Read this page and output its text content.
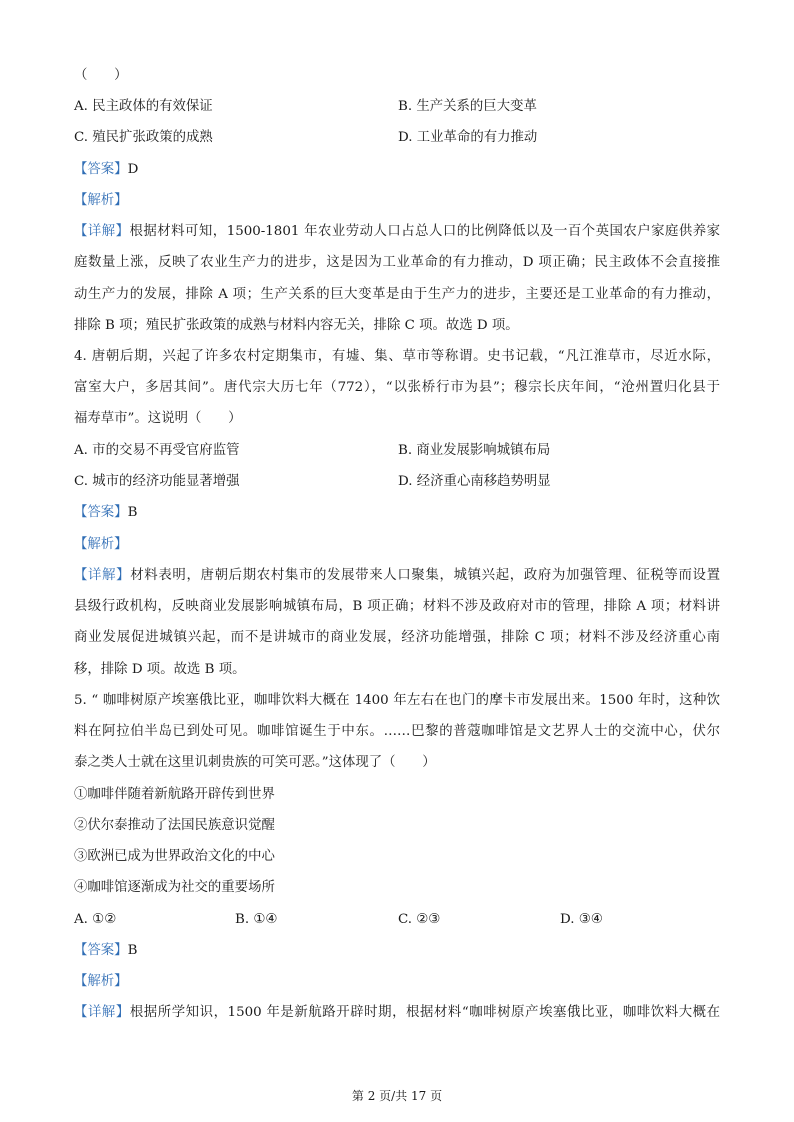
（　　）
A. 民主政体的有效保证	B. 生产关系的巨大变革
C. 殖民扩张政策的成熟	D. 工业革命的有力推动
【答案】D
【解析】
【详解】根据材料可知，1500-1801 年农业劳动人口占总人口的比例降低以及一百个英国农户家庭供养家
庭数量上涨，反映了农业生产力的进步，这是因为工业革命的有力推动，D 项正确；民主政体不会直接推
动生产力的发展，排除 A 项；生产关系的巨大变革是由于生产力的进步，主要还是工业革命的有力推动，
排除 B 项；殖民扩张政策的成熟与材料内容无关，排除 C 项。故选 D 项。
4. 唐朝后期，兴起了许多农村定期集市，有墟、集、草市等称谓。史书记载，“凡江淮草市，尽近水际，
富室大户，多居其间”。唐代宗大历七年（772），“以张桥行市为县”；穆宗长庆年间，“沧州置归化县于
福寿草市”。这说明（　　）
A. 市的交易不再受官府监管	B. 商业发展影响城镇布局
C. 城市的经济功能显著增强	D. 经济重心南移趋势明显
【答案】B
【解析】
【详解】材料表明，唐朝后期农村集市的发展带来人口聚集，城镇兴起，政府为加强管理、征税等而设置
县级行政机构，反映商业发展影响城镇布局，B 项正确；材料不涉及政府对市的管理，排除 A 项；材料讲
商业发展促进城镇兴起，而不是讲城市的商业发展，经济功能增强，排除 C 项；材料不涉及经济重心南
移，排除 D 项。故选 B 项。
5. “ 咖啡树原产埃塞俄比亚，咖啡饮料大概在 1400 年左右在也门的摩卡市发展出来。1500 年时，这种饮
料在阿拉伯半岛已到处可见。咖啡馆诞生于中东。……巴黎的普蔻咖啡馆是文艺界人士的交流中心，伏尔
泰之类人士就在这里讥刺贵族的可笑可恶。”这体现了（　　）
①咖啡伴随着新航路开辟传到世界
②伏尔泰推动了法国民族意识觉醒
③欧洲已成为世界政治文化的中心
④咖啡馆逐渐成为社交的重要场所
A. ①②	B. ①④	C. ②③	D. ③④
【答案】B
【解析】
【详解】根据所学知识，1500 年是新航路开辟时期，根据材料“咖啡树原产埃塞俄比亚，咖啡饮料大概在
第 2 页/共 17 页
